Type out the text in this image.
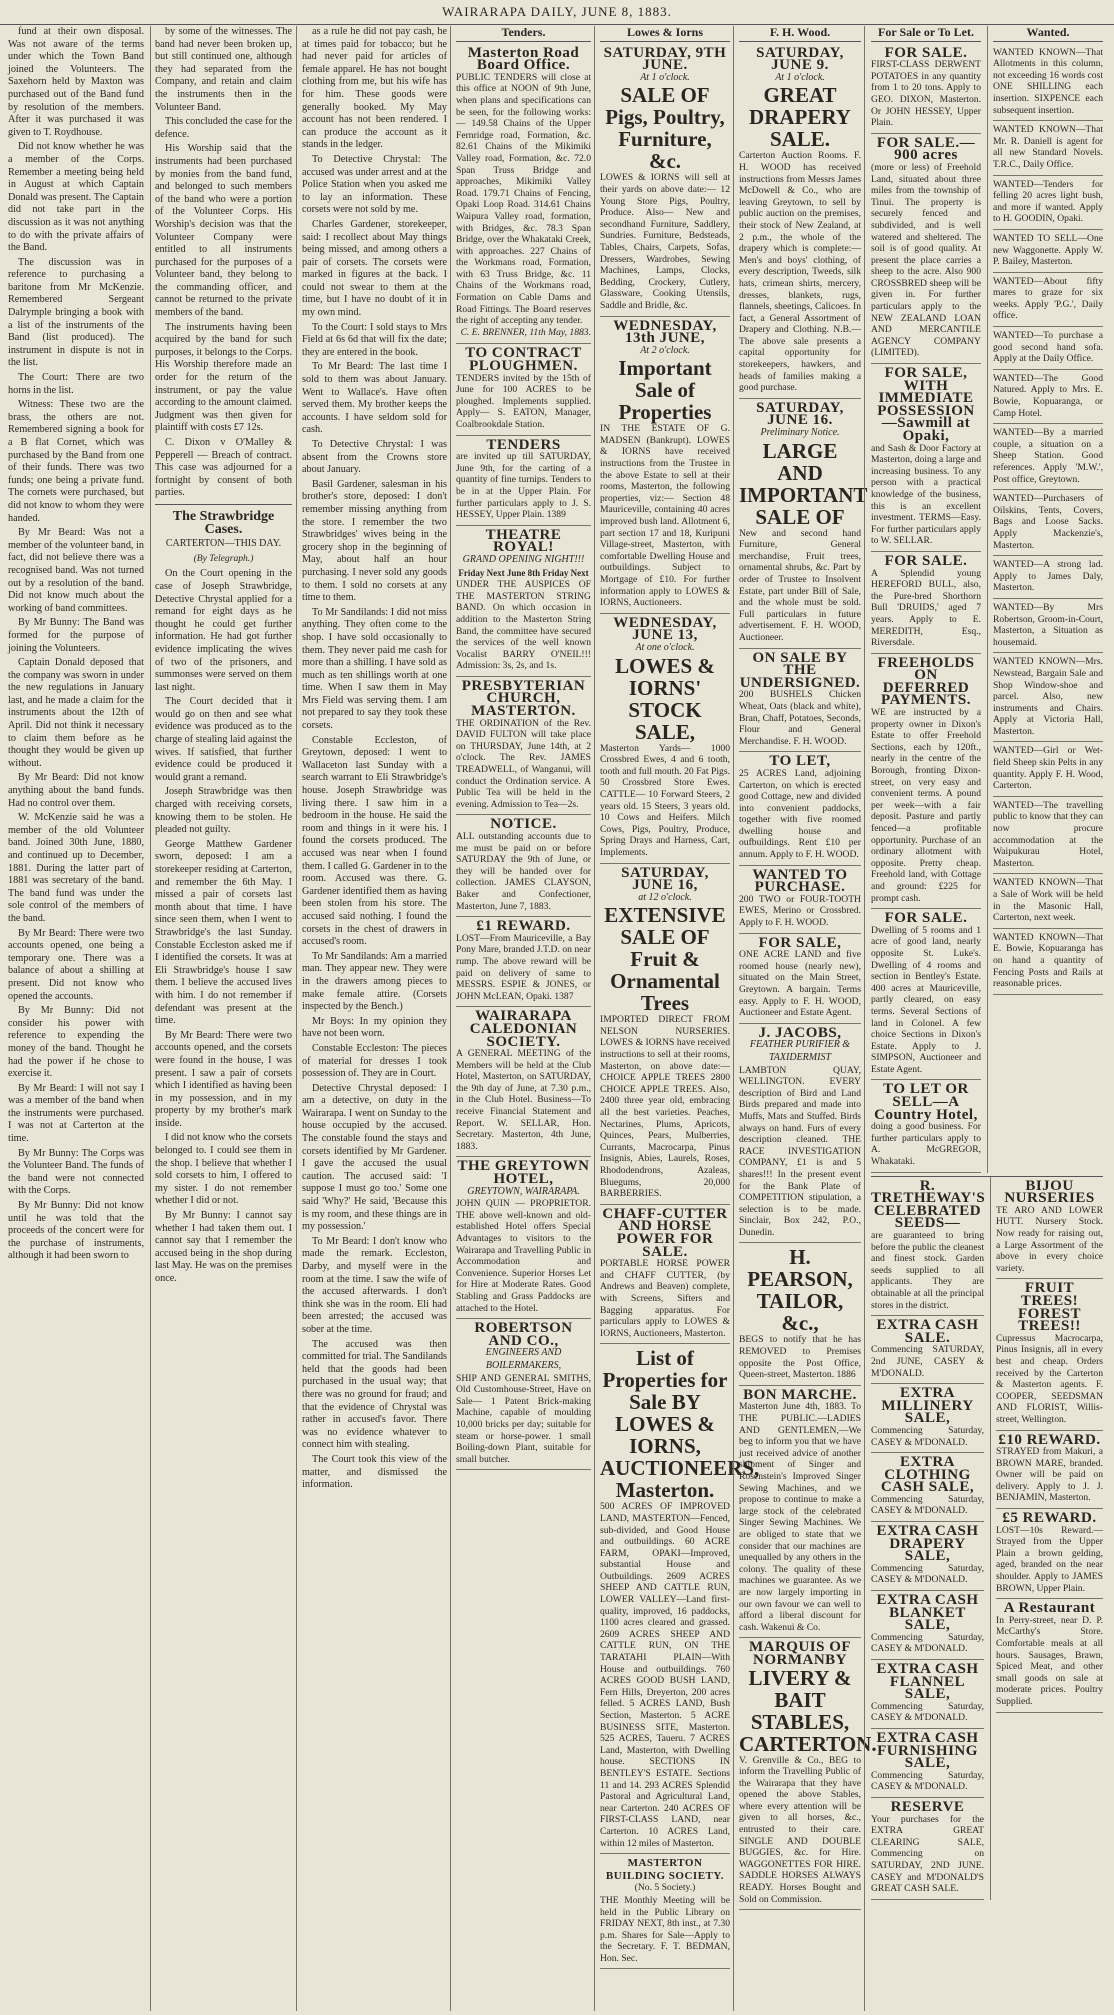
WAIRARAPA DAILY, JUNE 8, 1883.

fund at their own disposal. Was not aware of the terms under which the Town Band joined the Volunteers. The Saxehorn held by Maxton was purchased out of the Band fund by resolution of the members. After it was purchased it was given to T. Roydhouse.

Did not know whether he was a member of the Corps. Remember a meeting being held in August at which Captain Donald was present. The Captain did not take part in the discussion as it was not anything to do with the private affairs of the Band.

The discussion was in reference to purchasing a baritone from Mr McKenzie. Remembered Sergeant Dalrymple bringing a book with a list of the instruments of the Band (list produced). The instrument in dispute is not in the list.

The Court: There are two horns in the list.

Witness: These two are the brass, the others are not. Remembered signing a book for a B flat Cornet, which was purchased by the Band from one of their funds. There was two funds; one being a private fund. The cornets were purchased, but did not know to whom they were handed.

By Mr Beard: Was not a member of the volunteer band, in fact, did not believe there was a recognised band. Was not turned out by a resolution of the band. Did not know much about the working of band committees.

By Mr Bunny: The Band was formed for the purpose of joining the Volunteers.

Captain Donald deposed that the company was sworn in under the new regulations in January last, and he made a claim for the instruments about the 12th of April. Did not think it necessary to claim them before as he thought they would be given up without.

By Mr Beard: Did not know anything about the band funds. Had no control over them.

W. McKenzie said he was a member of the old Volunteer band. Joined 30th June, 1880, and continued up to December, 1881. During the latter part of 1881 was secretary of the band. The band fund was under the sole control of the members of the band.

By Mr Beard: There were two accounts opened, one being a temporary one. There was a balance of about a shilling at present. Did not know who opened the accounts.

By Mr Bunny: Did not consider his power with reference to expending the money of the band. Thought he had the power if he chose to exercise it.

By Mr Beard: I will not say I was a member of the band when the instruments were purchased. I was not at Carterton at the time.

By Mr Bunny: The Corps was the Volunteer Band. The funds of the band were not connected with the Corps.

By Mr Bunny: Did not know until he was told that the proceeds of the concert were for the purchase of instruments, although it had been sworn to

by some of the witnesses. The band had never been broken up, but still continued one, although they had separated from the Company, and retain and claim the instruments then in the Volunteer Band.

This concluded the case for the defence.

His Worship said that the instruments had been purchased by monies from the band fund, and belonged to such members of the band who were a portion of the Volunteer Corps. His Worship's decision was that the Volunteer Company were entitled to all instruments purchased for the purposes of a Volunteer band, they belong to the commanding officer, and cannot be returned to the private members of the band.

The instruments having been acquired by the band for such purposes, it belongs to the Corps. His Worship therefore made an order for the return of the instrument, or pay the value according to the amount claimed. Judgment was then given for plaintiff with costs £7 12s.

C. Dixon v O'Malley & Pepperell — Breach of contract. This case was adjourned for a fortnight by consent of both parties.

The Strawbridge Cases.
CARTERTON—THIS DAY.
(By Telegraph.)

On the Court opening in the case of Joseph Strawbridge, Detective Chrystal applied for a remand for eight days as he thought he could get further information. He had got further evidence implicating the wives of two of the prisoners, and summonses were served on them last night.

The Court decided that it would go on then and see what evidence was produced as to the charge of stealing laid against the wives. If satisfied, that further evidence could be produced it would grant a remand.

Joseph Strawbridge was then charged with receiving corsets, knowing them to be stolen. He pleaded not guilty.

George Matthew Gardener sworn, deposed: I am a storekeeper residing at Carterton, and remember the 6th May. I missed a pair of corsets last month about that time. I have since seen them, when I went to Strawbridge's the last Sunday. Constable Eccleston asked me if I identified the corsets. It was at Eli Strawbridge's house I saw them. I believe the accused lives with him. I do not remember if defendant was present at the time.

By Mr Beard: There were two accounts opened, and the corsets were found in the house, I was present. I saw a pair of corsets which I identified as having been in my possession, and in my property by my brother's mark inside.

I did not know who the corsets belonged to. I could see them in the shop. I believe that whether I sold corsets to him, I offered to my sister. I do not remember whether I did or not.

By Mr Bunny: I cannot say whether I had taken them out. I cannot say that I remember the accused being in the shop during last May. He was on the premises once.

as a rule he did not pay cash, he at times paid for tobacco; but he had never paid for articles of female apparel. He has not bought clothing from me, but his wife has for him. These goods were generally booked. My May account has not been rendered. I can produce the account as it stands in the ledger.

To Detective Chrystal: The accused was under arrest and at the Police Station when you asked me to lay an information. These corsets were not sold by me.

Charles Gardener, storekeeper, said: I recollect about May things being missed, and among others a pair of corsets. The corsets were marked in figures at the back. I could not swear to them at the time, but I have no doubt of it in my own mind.

To the Court: I sold stays to Mrs Field at 6s 6d that will fix the date; they are entered in the book.

To Mr Beard: The last time I sold to them was about January. Went to Wallace's. Have often served them. My brother keeps the accounts. I have seldom sold for cash.

To Detective Chrystal: I was absent from the Crowns store about January.

Basil Gardener, salesman in his brother's store, deposed: I don't remember missing anything from the store. I remember the two Strawbridges' wives being in the grocery shop in the beginning of May, about half an hour purchasing. I never sold any goods to them. I sold no corsets at any time to them.

To Mr Sandilands: I did not miss anything. They often come to the shop. I have sold occasionally to them. They never paid me cash for more than a shilling. I have sold as much as ten shillings worth at one time. When I saw them in May Mrs Field was serving them. I am not prepared to say they took these corsets.

Constable Eccleston, of Greytown, deposed: I went to Wallaceton last Sunday with a search warrant to Eli Strawbridge's house. Joseph Strawbridge was living there. I saw him in a bedroom in the house. He said the room and things in it were his. I found the corsets produced. The accused was near when I found them. I called G. Gardener in to the room. Accused was there. G. Gardener identified them as having been stolen from his store. The accused said nothing. I found the corsets in the chest of drawers in accused's room.

To Mr Sandilands: Am a married man. They appear new. They were in the drawers among pieces to make female attire. (Corsets inspected by the Bench.)

Mr Boys: In my opinion they have not been worn.

Constable Eccleston: The pieces of material for dresses I took possession of. They are in Court.

Detective Chrystal deposed: I am a detective, on duty in the Wairarapa. I went on Sunday to the house occupied by the accused. The constable found the stays and corsets identified by Mr Gardener. I gave the accused the usual caution. The accused said: 'I suppose I must go too.' Some one said 'Why?' He said, 'Because this is my room, and these things are in my possession.'

To Mr Beard: I don't know who made the remark. Eccleston, Darby, and myself were in the room at the time. I saw the wife of the accused afterwards. I don't think she was in the room. Eli had been arrested; the accused was sober at the time.

The accused was then committed for trial. The Sandilands held that the goods had been purchased in the usual way; that there was no ground for fraud; and that the evidence of Chrystal was rather in accused's favor. There was no evidence whatever to connect him with stealing.

The Court took this view of the matter, and dismissed the information.

Tenders.
Masterton Road Board Office.
PUBLIC TENDERS will close at this office at NOON of 9th June, when plans and specifications can be seen, for the following works:— 149.58 Chains of the Upper Fernridge road, Formation, &c. 82.61 Chains of the Mikimiki Valley road, Formation, &c. 72.0 Span Truss Bridge and approaches, Mikimiki Valley Road. 179.71 Chains of Fencing, Opaki Loop Road. 314.61 Chains Waipura Valley road, formation, with Bridges, &c. 78.3 Span Bridge, over the Whakataki Creek, with approaches. 227 Chains of the Workmans road, Formation, with 63 Truss Bridge, &c. 11 Chains of the Workmans road, Formation on Cable Dams and Road Fittings. The Board reserves the right of accepting any tender.
C. E. BRENNER, 11th May, 1883.
TO CONTRACT PLOUGHMEN.
TENDERS invited by the 15th of June for 100 ACRES to be ploughed. Implements supplied. Apply— S. EATON, Manager, Coalbrookdale Station.
TENDERS
are invited up till SATURDAY, June 9th, for the carting of a quantity of fine turnips. Tenders to be in at the Upper Plain. For further particulars apply to J. S. HESSEY, Upper Plain. 1389
THEATRE ROYAL!
GRAND OPENING NIGHT!!!
Friday Next June 8th Friday Next
UNDER THE AUSPICES OF THE MASTERTON STRING BAND. On which occasion in addition to the Masterton String Band, the committee have secured the services of the well known Vocalist BARRY O'NEIL!!! Admission: 3s, 2s, and 1s.
PRESBYTERIAN CHURCH, MASTERTON.
THE ORDINATION of the Rev. DAVID FULTON will take place on THURSDAY, June 14th, at 2 o'clock. The Rev. JAMES TREADWELL, of Wanganui, will conduct the Ordination service. A Public Tea will be held in the evening. Admission to Tea—2s.
NOTICE.
ALL outstanding accounts due to me must be paid on or before SATURDAY the 9th of June, or they will be handed over for collection. JAMES CLAYSON, Baker and Confectioner, Masterton, June 7, 1883.
£1 REWARD.
LOST—From Mauriceville, a Bay Pony Mare, branded J.T.D. on near rump. The above reward will be paid on delivery of same to MESSRS. ESPIE & JONES, or JOHN McLEAN, Opaki. 1387
WAIRARAPA CALEDONIAN SOCIETY.
A GENERAL MEETING of the Members will be held at the Club Hotel, Masterton, on SATURDAY, the 9th day of June, at 7.30 p.m., in the Club Hotel. Business—To receive Financial Statement and Report. W. SELLAR, Hon. Secretary. Masterton, 4th June, 1883.
THE GREYTOWN HOTEL,
GREYTOWN, WAIRARAPA.
JOHN QUIN — PROPRIETOR. THE above well-known and old-established Hotel offers Special Advantages to visitors to the Wairarapa and Travelling Public in Accommodation and Convenience. Superior Horses Let for Hire at Moderate Rates. Good Stabling and Grass Paddocks are attached to the Hotel.
ROBERTSON AND CO.,
ENGINEERS AND BOILERMAKERS,
SHIP AND GENERAL SMITHS, Old Customhouse-Street, Have on Sale— 1 Patent Brick-making Machine, capable of moulding 10,000 bricks per day; suitable for steam or horse-power. 1 small Boiling-down Plant, suitable for small butcher.
Lowes & Iorns
SATURDAY, 9TH JUNE.
At 1 o'clock.
SALE OF Pigs, Poultry, Furniture, &c.
LOWES & IORNS will sell at their yards on above date:— 12 Young Store Pigs, Poultry, Produce. Also— New and secondhand Furniture, Saddlery, Sundries. Furniture, Bedsteads, Tables, Chairs, Carpets, Sofas, Dressers, Wardrobes, Sewing Machines, Lamps, Clocks, Bedding, Crockery, Cutlery, Glassware, Cooking Utensils, Saddle and Bridle, &c.
WEDNESDAY, 13th JUNE,
At 2 o'clock.
Important Sale of Properties
IN THE ESTATE OF G. MADSEN (Bankrupt). LOWES & IORNS have received instructions from the Trustee in the above Estate to sell at their rooms, Masterton, the following properties, viz:— Section 48 Mauriceville, containing 40 acres improved bush land. Allotment 6, part section 17 and 18, Kuripuni Village-street, Masterton, with comfortable Dwelling House and outbuildings. Subject to Mortgage of £10. For further information apply to LOWES & IORNS, Auctioneers.
WEDNESDAY, JUNE 13,
At one o'clock.
LOWES & IORNS' STOCK SALE,
Masterton Yards— 1000 Crossbred Ewes, 4 and 6 tooth, tooth and full mouth. 20 Fat Pigs. 50 Crossbred Store Ewes. CATTLE— 10 Forward Steers, 2 years old. 15 Steers, 3 years old. 10 Cows and Heifers. Milch Cows, Pigs, Poultry, Produce, Spring Drays and Harness, Cart, Implements.
SATURDAY, JUNE 16,
at 12 o'clock.
EXTENSIVE SALE OF Fruit & Ornamental Trees
IMPORTED DIRECT FROM NELSON NURSERIES. LOWES & IORNS have received instructions to sell at their rooms, Masterton, on above date:— CHOICE APPLE TREES 2800 CHOICE APPLE TREES. Also, 2400 three year old, embracing all the best varieties. Peaches, Nectarines, Plums, Apricots, Quinces, Pears, Mulberries, Currants, Macrocarpa, Pinus Insignis, Abies, Laurels, Roses, Rhododendrons, Azaleas, Bluegums, 20,000 BARBERRIES.
CHAFF-CUTTER AND HORSE POWER FOR SALE.
PORTABLE HORSE POWER and CHAFF CUTTER, (by Andrews and Beaven) complete, with Screens, Sifters and Bagging apparatus. For particulars apply to LOWES & IORNS, Auctioneers, Masterton.
List of Properties for Sale BY LOWES & IORNS, AUCTIONEERS, Masterton.
500 ACRES OF IMPROVED LAND, MASTERTON—Fenced, sub-divided, and Good House and outbuildings. 60 ACRE FARM, OPAKI—Improved, substantial House and Outbuildings. 2609 ACRES SHEEP AND CATTLE RUN, LOWER VALLEY—Land first-quality, improved, 16 paddocks, 1100 acres cleared and grassed. 2609 ACRES SHEEP AND CATTLE RUN, ON THE TARATAHI PLAIN—With House and outbuildings. 760 ACRES GOOD BUSH LAND, Fern Hills, Dreyerton, 200 acres felled. 5 ACRES LAND, Bush Section, Masterton. 5 ACRE BUSINESS SITE, Masterton. 525 ACRES, Taueru. 7 ACRES Land, Masterton, with Dwelling house. SECTIONS IN BENTLEY'S ESTATE. Sections 11 and 14. 293 ACRES Splendid Pastoral and Agricultural Land, near Carterton. 240 ACRES OF FIRST-CLASS LAND, near Carterton. 10 ACRES Land, within 12 miles of Masterton.
MASTERTON BUILDING SOCIETY.
(No. 5 Society.)
THE Monthly Meeting will be held in the Public Library on FRIDAY NEXT, 8th inst., at 7.30 p.m. Shares for Sale—Apply to the Secretary. F. T. BEDMAN, Hon. Sec.
F. H. Wood.
SATURDAY, JUNE 9.
At 1 o'clock.
GREAT DRAPERY SALE.
Carterton Auction Rooms. F. H. WOOD has received instructions from Messrs James McDowell & Co., who are leaving Greytown, to sell by public auction on the premises, their stock of New Zealand, at 2 p.m., the whole of the drapery which is complete:— Men's and boys' clothing, of every description, Tweeds, silk hats, crimean shirts, mercery, dresses, blankets, rugs, flannels, sheetings, Calicoes. In fact, a General Assortment of Drapery and Clothing. N.B.—The above sale presents a capital opportunity for storekeepers, hawkers, and heads of families making a good purchase.
SATURDAY, JUNE 16.
Preliminary Notice.
LARGE AND IMPORTANT SALE OF
New and second hand Furniture, General merchandise, Fruit trees, ornamental shrubs, &c. Part by order of Trustee to Insolvent Estate, part under Bill of Sale, and the whole must be sold. Full particulars in future advertisement. F. H. WOOD, Auctioneer.
ON SALE BY THE UNDERSIGNED.
200 BUSHELS Chicken Wheat, Oats (black and white), Bran, Chaff, Potatoes, Seconds, Flour and General Merchandise. F. H. WOOD.
TO LET,
25 ACRES Land, adjoining Carterton, on which is erected good Cottage, new and divided into convenient paddocks, together with five roomed dwelling house and oufbuildings. Rent £10 per annum. Apply to F. H. WOOD.
WANTED TO PURCHASE.
200 TWO or FOUR-TOOTH EWES, Merino or Crossbred. Apply to F. H. WOOD.
FOR SALE,
ONE ACRE LAND and five roomed house (nearly new), situated on the Main Street, Greytown. A bargain. Terms easy. Apply to F. H. WOOD, Auctioneer and Estate Agent.
J. JACOBS,
FEATHER PURIFIER & TAXIDERMIST
LAMBTON QUAY, WELLINGTON. EVERY description of Bird and Land Birds prepared and made into Muffs, Mats and Stuffed. Birds always on hand. Furs of every description cleaned. THE RACE INVESTIGATION COMPANY, £1 is and 5 shares!!! In the present event for the Bank Plate of COMPETITION stipulation, a selection is to be made. Sinclair, Box 242, P.O., Dunedin.
H. PEARSON, TAILOR, &c.,
BEGS to notify that he has REMOVED to Premises opposite the Post Office, Queen-street, Masterton. 1886
BON MARCHE.
Masterton June 4th, 1883. To THE PUBLIC.—LADIES AND GENTLEMEN,—We beg to inform you that we have just received advice of another shipment of Singer and Rosenstein's Improved Singer Sewing Machines, and we propose to continue to make a large stock of the celebrated Singer Sewing Machines. We are obliged to state that we consider that our machines are unequalled by any others in the colony. The quality of these machines we guarantee. As we are now largely importing in our own favour we can well to afford a liberal discount for cash. Wakenui & Co.
MARQUIS OF NORMANBY
LIVERY & BAIT STABLES, CARTERTON.
V. Grenville & Co., BEG to inform the Travelling Public of the Wairarapa that they have opened the above Stables, where every attention will be given to all horses, &c., entrusted to their care. SINGLE AND DOUBLE BUGGIES, &c. for Hire. WAGGONETTES FOR HIRE. SADDLE HORSES ALWAYS READY. Horses Bought and Sold on Commission.
For Sale or To Let.
FOR SALE.
FIRST-CLASS DERWENT POTATOES in any quantity from 1 to 20 tons. Apply to GEO. DIXON, Masterton. Or JOHN HESSEY, Upper Plain.
FOR SALE.—900 acres
(more or less) of Freehold Land, situated about three miles from the township of Tinui. The property is securely fenced and subdivided, and is well watered and sheltered. The soil is of good quality. At present the place carries a sheep to the acre. Also 900 CROSSBRED sheep will be given in. For further particulars apply to the NEW ZEALAND LOAN AND MERCANTILE AGENCY COMPANY (LIMITED).
FOR SALE, WITH IMMEDIATE POSSESSION—Sawmill at Opaki,
and Sash & Door Factory at Masterton, doing a large and increasing business. To any person with a practical knowledge of the business, this is an excellent investment. TERMS—Easy. For further particulars apply to W. SELLAR.
FOR SALE.
A Splendid young HEREFORD BULL, also, the Pure-bred Shorthorn Bull 'DRUIDS,' aged 7 years. Apply to E. MEREDITH, Esq., Riversdale.
FREEHOLDS ON DEFERRED PAYMENTS.
WE are instructed by a property owner in Dixon's Estate to offer Freehold Sections, each by 120ft., nearly in the centre of the Borough, fronting Dixon-street, on very easy and convenient terms. A pound per week—with a fair deposit. Pasture and partly fenced—a profitable opportunity. Purchase of an ordinary allotment with opposite. Pretty cheap. Freehold land, with Cottage and ground: £225 for prompt cash.
FOR SALE.
Dwelling of 5 rooms and 1 acre of good land, nearly opposite St. Luke's. Dwelling of 4 rooms and section in Bentley's Estate. 400 acres at Mauriceville, partly cleared, on easy terms. Several Sections of land in Colonel. A few choice Sections in Dixon's Estate. Apply to J. SIMPSON, Auctioneer and Estate Agent.
TO LET OR SELL—A Country Hotel,
doing a good business. For further particulars apply to A. McGREGOR, Whakataki.
Wanted.
WANTED KNOWN—That Allotments in this column, not exceeding 16 words cost ONE SHILLING each insertion. SIXPENCE each subsequent insertion.
WANTED KNOWN—That Mr. R. Daniell is agent for all new Standard Novels. T.R.C., Daily Office.
WANTED—Tenders for felling 20 acres light bush, and more if wanted. Apply to H. GOODIN, Opaki.
WANTED TO SELL—One new Waggonette. Apply W. P. Bailey, Masterton.
WANTED—About fifty mares to graze for six weeks. Apply 'P.G.', Daily office.
WANTED—To purchase a good second hand sofa. Apply at the Daily Office.
WANTED—The Good Natured. Apply to Mrs. E. Bowie, Kopuaranga, or Camp Hotel.
WANTED—By a married couple, a situation on a Sheep Station. Good references. Apply 'M.W.', Post office, Greytown.
WANTED—Purchasers of Oilskins, Tents, Covers, Bags and Loose Sacks. Apply Mackenzie's, Masterton.
WANTED—A strong lad. Apply to James Daly, Masterton.
WANTED—By Mrs Robertson, Groom-in-Court, Masterton, a Situation as housemaid.
WANTED KNOWN—Mrs. Newstead, Bargain Sale and Shop Window-shoe and parcel. Also, new instruments and Chairs. Apply at Victoria Hall, Masterton.
WANTED—Girl or Wet-field Sheep skin Pelts in any quantity. Apply F. H. Wood, Carterton.
WANTED—The travelling public to know that they can now procure accommodation at the Waipukurau Hotel, Masterton.
WANTED KNOWN—That a Sale of Work will be held in the Masonic Hall, Carterton, next week.
WANTED KNOWN—That E. Bowie, Kopuaranga has on hand a quantity of Fencing Posts and Rails at reasonable prices.
R. TRETHEWAY'S CELEBRATED SEEDS—
are guaranteed to bring before the public the cleanest and finest stock. Garden seeds supplied to all applicants. They are obtainable at all the principal stores in the district.
EXTRA CASH SALE.
Commencing SATURDAY, 2nd JUNE, CASEY & M'DONALD.
EXTRA MILLINERY SALE,
Commencing Saturday, CASEY & M'DONALD.
EXTRA CLOTHING CASH SALE,
Commencing Saturday, CASEY & M'DONALD.
EXTRA CASH DRAPERY SALE,
Commencing Saturday, CASEY & M'DONALD.
EXTRA CASH BLANKET SALE,
Commencing Saturday, CASEY & M'DONALD.
EXTRA CASH FLANNEL SALE,
Commencing Saturday, CASEY & M'DONALD.
EXTRA CASH FURNISHING SALE,
Commencing Saturday, CASEY & M'DONALD.
RESERVE
Your purchases for the EXTRA GREAT CLEARING SALE, Commencing on SATURDAY, 2ND JUNE. CASEY and M'DONALD'S GREAT CASH SALE.
BIJOU NURSERIES
TE ARO AND LOWER HUTT. Nursery Stock. Now ready for raising out, a Large Assortment of the above in every choice variety.
FRUIT TREES! FOREST TREES!!
Cupressus Macrocarpa, Pinus Insignis, all in every best and cheap. Orders received by the Carterton & Masterton agents. F. COOPER, SEEDSMAN AND FLORIST, Willis-street, Wellington.
£10 REWARD.
STRAYED from Makuri, a BROWN MARE, branded. Owner will be paid on delivery. Apply to J. J. BENJAMIN, Masterton.
£5 REWARD.
LOST—10s Reward.—Strayed from the Upper Plain a brown gelding, aged, branded on the near shoulder. Apply to JAMES BROWN, Upper Plain.
A Restaurant
In Perry-street, near D. P. McCarthy's Store. Comfortable meals at all hours. Sausages, Brawn, Spiced Meat, and other small goods on sale at moderate prices. Poultry Supplied.
